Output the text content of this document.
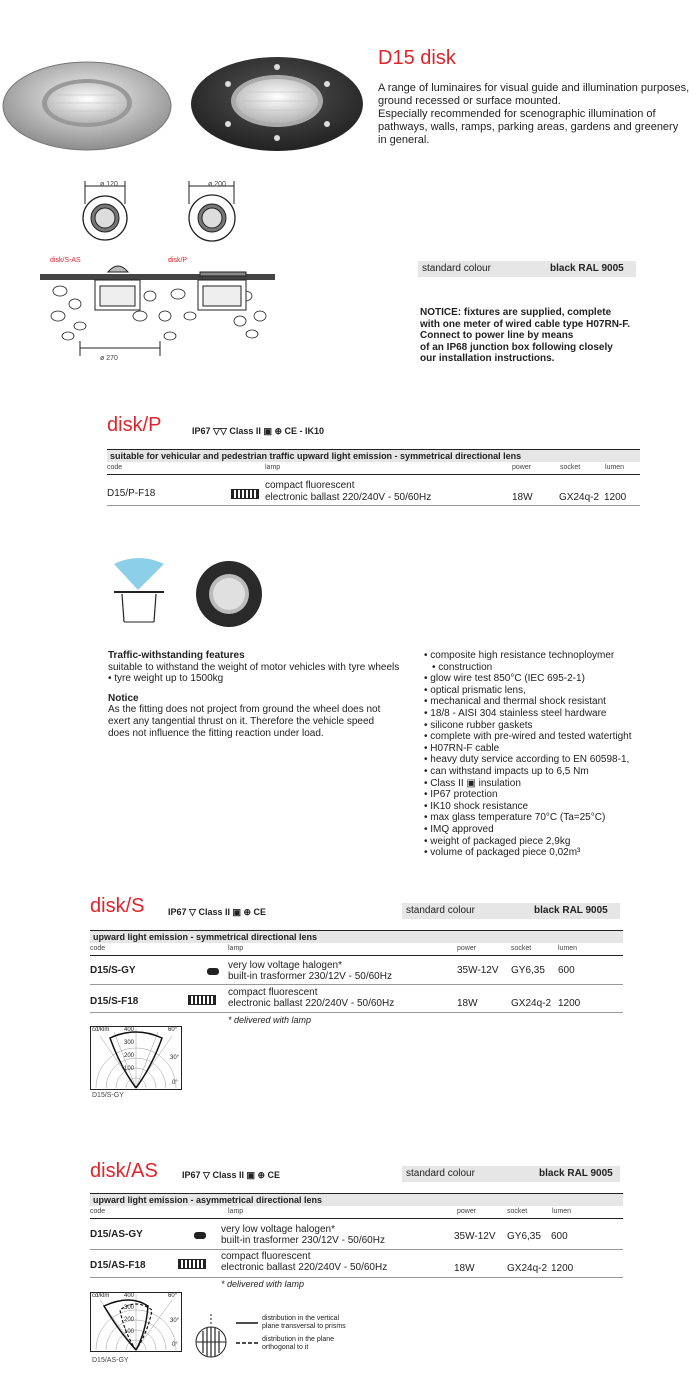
D15 disk
A range of luminaires for visual guide and illumination purposes,
ground recessed or surface mounted.
Especially recommended for scenographic illumination of
pathways, walls, ramps, parking areas, gardens and greenery
in general.
ø 120	ø 200
ø 270
disk/S-AS	disk/P
standard colour	black RAL 9005
NOTICE: fixtures are supplied, complete
with one meter of wired cable type H07RN-F.
Connect to power line by means
of an IP68 junction box following closely
our installation instructions.
disk/P	IP67 ▽▽ Class II ▣ ⊕ CE - IK10
suitable for vehicular and pedestrian traffic upward light emission - symmetrical directional lens
code	lamp	power	socket	lumen
D15/P-F18
compact fluorescent
electronic ballast 220/240V - 50/60Hz	18W	GX24q-2 1200
Traffic-withstanding features
suitable to withstand the weight of motor vehicles with tyre wheels
• tyre weight up to 1500kg
Notice
As the fitting does not project from ground the wheel does not
exert any tangential thrust on it. Therefore the vehicle speed
does not influence the fitting reaction under load.
• composite high resistance technoploymer
• construction
• glow wire test 850°C (IEC 695-2-1)
• optical prismatic lens,
• mechanical and thermal shock resistant
• 18/8 - AISI 304 stainless steel hardware
• silicone rubber gaskets
• complete with pre-wired and tested watertight
• H07RN-F cable
• heavy duty service according to EN 60598-1,
• can withstand impacts up to 6,5 Nm
• Class II ▣ insulation
• IP67 protection
• IK10 shock resistance
• max glass temperature 70°C (Ta=25°C)
• IMQ approved
• weight of packaged piece 2,9kg
• volume of packaged piece 0,02m³
disk/S	IP67 ▽ Class II ▣ ⊕ CE	standard colour	black RAL 9005
upward light emission - symmetrical directional lens
code	lamp	power	socket	lumen
D15/S-GY	very low voltage halogen*
built-in trasformer 230/12V - 50/60Hz
35W-12V GY6,35 600
D15/S-F18
compact fluorescent
electronic ballast 220/240V - 50/60Hz	18W	GX24q-2 1200
* delivered with lamp
cd/klm 400
300
200
100
60°
30°
0°
D15/S-GY
disk/AS	IP67 ▽ Class II ▣ ⊕ CE	standard colour	black RAL 9005
upward light emission - asymmetrical directional lens
code	lamp	power	socket	lumen
D15/AS-GY	very low voltage halogen*
built-in trasformer 230/12V - 50/60Hz	35W-12V GY6,35 600
D15/AS-F18
compact fluorescent
electronic ballast 220/240V - 50/60Hz	18W	GX24q-2 1200
* delivered with lamp
cd/klm 400
300
200
100
60°
30°
0°
D15/AS-GY
distribution in the vertical
plane transversal to prisms
distribution in the plane
orthogonal to it
